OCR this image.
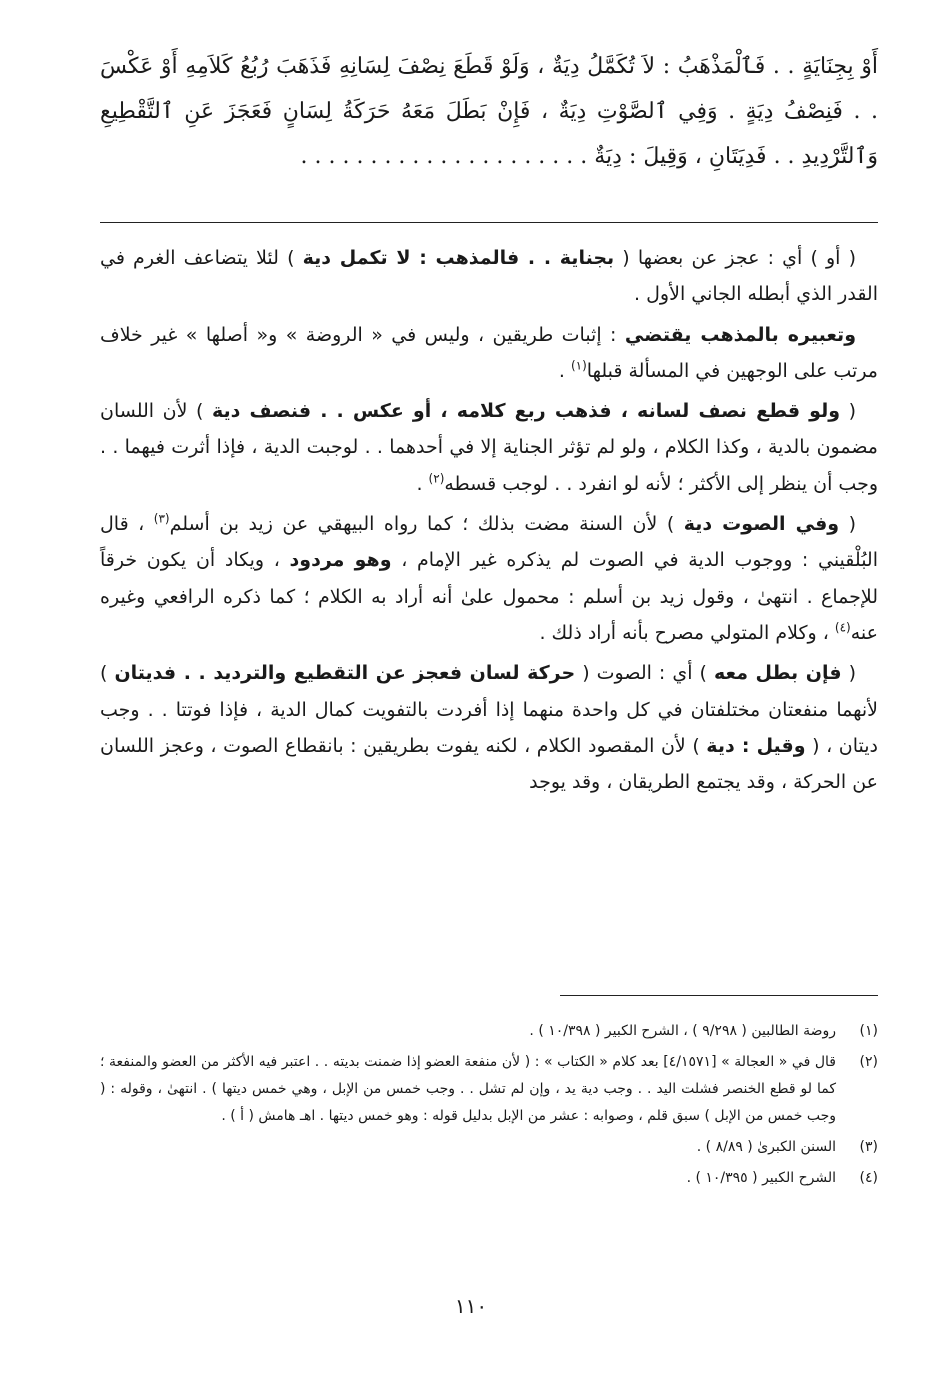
أَوْ بِجِنَايَةٍ . . فَٱلْمَذْهَبُ : لاَ تُكَمَّلُ دِيَةٌ ، وَلَوْ قَطَعَ نِصْفَ لِسَانِهِ فَذَهَبَ رُبُعُ كَلاَمِهِ أَوْ عَكْسَ . . فَنِصْفُ دِيَةٍ . وَفِي ٱلصَّوْتِ دِيَةٌ ، فَإِنْ بَطَلَ مَعَهُ حَرَكَةُ لِسَانٍ فَعَجَزَ عَنِ ٱلتَّقْطِيعِ وَٱلتَّرْدِيدِ . . فَدِيَتَانِ ، وَقِيلَ : دِيَةٌ . . . . . . . . . . . . . . . . . . . . .

( أو ) أي : عجز عن بعضها ( بجناية . . فالمذهب : لا تكمل دية ) لئلا يتضاعف الغرم في القدر الذي أبطله الجاني الأول .

وتعبيره بالمذهب يقتضي : إثبات طريقين ، وليس في « الروضة » و« أصلها » غير خلاف مرتب على الوجهين في المسألة قبلها$^{(١)}$ .

( ولو قطع نصف لسانه ، فذهب ربع كلامه ، أو عكس . . فنصف دية ) لأن اللسان مضمون بالدية ، وكذا الكلام ، ولو لم تؤثر الجناية إلا في أحدهما . . لوجبت الدية ، فإذا أثرت فيهما . . وجب أن ينظر إلى الأكثر ؛ لأنه لو انفرد . . لوجب قسطه$^{(٢)}$ .

( وفي الصوت دية ) لأن السنة مضت بذلك ؛ كما رواه البيهقي عن زيد بن أسلم$^{(٣)}$ ، قال البُلْقيني : ووجوب الدية في الصوت لم يذكره غير الإمام ، وهو مردود ، ويكاد أن يكون خرقاً للإجماع . انتهىٰ ، وقول زيد بن أسلم : محمول علىٰ أنه أراد به الكلام ؛ كما ذكره الرافعي وغيره عنه$^{(٤)}$ ، وكلام المتولي مصرح بأنه أراد ذلك .

( فإن بطل معه ) أي : الصوت ( حركة لسان فعجز عن التقطيع والترديد . . فديتان ) لأنهما منفعتان مختلفتان في كل واحدة منهما إذا أفردت بالتفويت كمال الدية ، فإذا فوتتا . . وجب ديتان ، ( وقيل : دية ) لأن المقصود الكلام ، لكنه يفوت بطريقين : بانقطاع الصوت ، وعجز اللسان عن الحركة ، وقد يجتمع الطريقان ، وقد يوجد

(١)
روضة الطالبين ( ٩/٢٩٨ ) ، الشرح الكبير ( ١٠/٣٩٨ ) .
(٢)
قال في « العجالة » [٤/١٥٧١] بعد كلام « الكتاب » : ( لأن منفعة العضو إذا ضمنت بديته . . اعتبر فيه الأكثر من العضو والمنفعة ؛ كما لو قطع الخنصر فشلت اليد . . وجب دية يد ، وإن لم تشل . . وجب خمس من الإبل ، وهي خمس ديتها ) . انتهىٰ ، وقوله : ( وجب خمس من الإبل ) سبق قلم ، وصوابه : عشر من الإبل بدليل قوله : وهو خمس ديتها . اهـ هامش ( أ ) .
(٣)
السنن الكبرىٰ ( ٨/٨٩ ) .
(٤)
الشرح الكبير ( ١٠/٣٩٥ ) .
١١٠
